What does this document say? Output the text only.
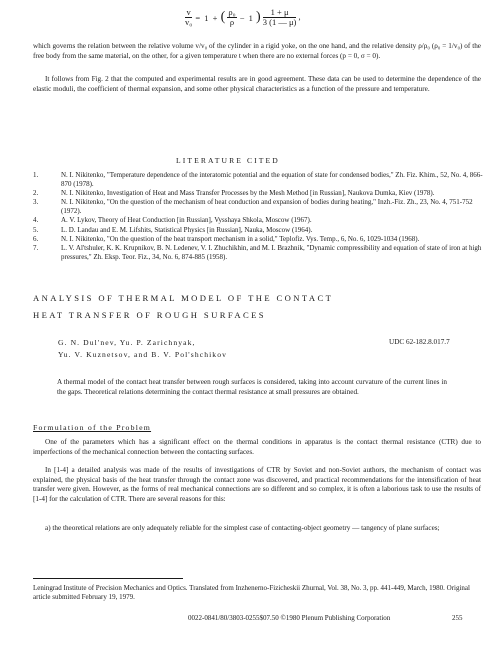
$\frac{v}{\text{v₀}} = 1$ + ( $\frac{\text{ρ₀}}{\rho} - 1$ ) $\frac{1 + \mu}{3 (1 — \mu)}$ ,

which governs the relation between the relative volume v/v₀ of the cylinder in a rigid yoke, on the one hand, and the relative density ρ/ρ₀ (ρ₀ = 1/v₀) of the free body from the same material, on the other, for a given temperature t when there are no external forces (p = 0, σ = 0).

It follows from Fig. 2 that the computed and experimental results are in good agreement. These data can be used to determine the dependence of the elastic moduli, the coefficient of thermal expansion, and some other physical characteristics as a function of the pressure and temperature.

LITERATURE CITED

1.	N. I. Nikitenko, "Temperature dependence of the interatomic potential and the equation of state for condensed bodies," Zh. Fiz. Khim., 52, No. 4, 866-870 (1978).

2.	N. I. Nikitenko, Investigation of Heat and Mass Transfer Processes by the Mesh Method [in Russian], Naukova Dumka, Kiev (1978).

3.	N. I. Nikitenko, "On the question of the mechanism of heat conduction and expansion of bodies during heating," Inzh.-Fiz. Zh., 23, No. 4, 751-752 (1972).

4.	A. V. Lykov, Theory of Heat Conduction [in Russian], Vysshaya Shkola, Moscow (1967).

5.	L. D. Landau and E. M. Lifshits, Statistical Physics [in Russian], Nauka, Moscow (1964).

6.	N. I. Nikitenko, "On the question of the heat transport mechanism in a solid," Teplofiz. Vys. Temp., 6, No. 6, 1029-1034 (1968).

7.	L. V. Al'tshuler, K. K. Krupnikov, B. N. Ledenev, V. I. Zhuchikhin, and M. I. Brazhnik, "Dynamic compressibility and equation of state of iron at high pressures," Zh. Eksp. Teor. Fiz., 34, No. 6, 874-885 (1958).

ANALYSIS OF THERMAL MODEL OF THE CONTACT

HEAT TRANSFER OF ROUGH SURFACES

G. N. Dul'nev, Yu. P. Zarichnyak,

Yu. V. Kuznetsov, and B. V. Pol'shchikov

UDC 62-182.8.017.7

A thermal model of the contact heat transfer between rough surfaces is considered, taking into account curvature of the current lines in the gaps. Theoretical relations determining the contact thermal resistance at small pressures are obtained.

Formulation of the Problem

One of the parameters which has a significant effect on the thermal conditions in apparatus is the contact thermal resistance (CTR) due to imperfections of the mechanical connection between the contacting surfaces.

In [1-4] a detailed analysis was made of the results of investigations of CTR by Soviet and non-Soviet authors, the mechanism of contact was explained, the physical basis of the heat transfer through the contact zone was discovered, and practical recommendations for the intensification of heat transfer were given. However, as the forms of real mechanical connections are so different and so complex, it is often a laborious task to use the results of [1-4] for the calculation of CTR. There are several reasons for this:

a) the theoretical relations are only adequately reliable for the simplest case of contacting-object geometry — tangency of plane surfaces;

Leningrad Institute of Precision Mechanics and Optics. Translated from Inzhenerno-Fizicheskii Zhurnal, Vol. 38, No. 3, pp. 441-449, March, 1980. Original article submitted February 19, 1979.

0022-0841/80/3803-0255$07.50 ©1980 Plenum Publishing Corporation	255
